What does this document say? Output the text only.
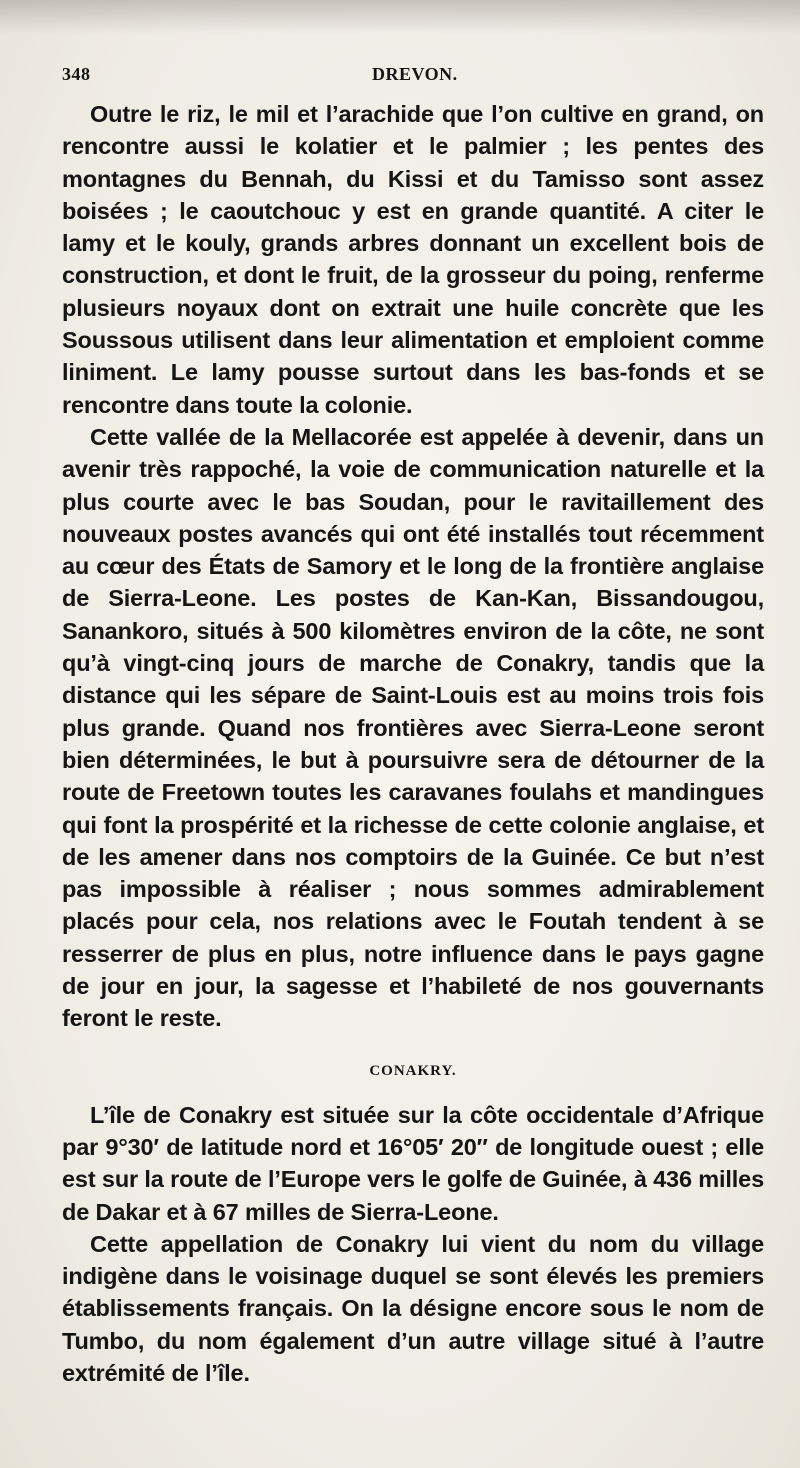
348	DREVON.

Outre le riz, le mil et l’arachide que l’on cultive en grand, on rencontre aussi le kolatier et le palmier ; les pentes des montagnes du Bennah, du Kissi et du Tamisso sont assez boisées ; le caoutchouc y est en grande quantité. A citer le lamy et le kouly, grands arbres donnant un excellent bois de construction, et dont le fruit, de la grosseur du poing, renferme plusieurs noyaux dont on extrait une huile concrète que les Soussous utilisent dans leur alimentation et emploient comme liniment. Le lamy pousse surtout dans les bas-fonds et se rencontre dans toute la colonie.

Cette vallée de la Mellacorée est appelée à devenir, dans un avenir très rappoché, la voie de communication naturelle et la plus courte avec le bas Soudan, pour le ravitaillement des nouveaux postes avancés qui ont été installés tout récemment au cœur des États de Samory et le long de la frontière anglaise de Sierra-Leone. Les postes de Kan-Kan, Bissandougou, Sanankoro, situés à 500 kilomètres environ de la côte, ne sont qu’à vingt-cinq jours de marche de Conakry, tandis que la distance qui les sépare de Saint-Louis est au moins trois fois plus grande. Quand nos frontières avec Sierra-Leone seront bien déterminées, le but à poursuivre sera de détourner de la route de Freetown toutes les caravanes foulahs et mandingues qui font la prospérité et la richesse de cette colonie anglaise, et de les amener dans nos comptoirs de la Guinée. Ce but n’est pas impossible à réaliser ; nous sommes admirablement placés pour cela, nos relations avec le Foutah tendent à se resserrer de plus en plus, notre influence dans le pays gagne de jour en jour, la sagesse et l’habileté de nos gouvernants feront le reste.

CONAKRY.

L’île de Conakry est située sur la côte occidentale d’Afrique par 9°30′ de latitude nord et 16°05′ 20″ de longitude ouest ; elle est sur la route de l’Europe vers le golfe de Guinée, à 436 milles de Dakar et à 67 milles de Sierra-Leone.

Cette appellation de Conakry lui vient du nom du village indigène dans le voisinage duquel se sont élevés les premiers établissements français. On la désigne encore sous le nom de Tumbo, du nom également d’un autre village situé à l’autre extrémité de l’île.
